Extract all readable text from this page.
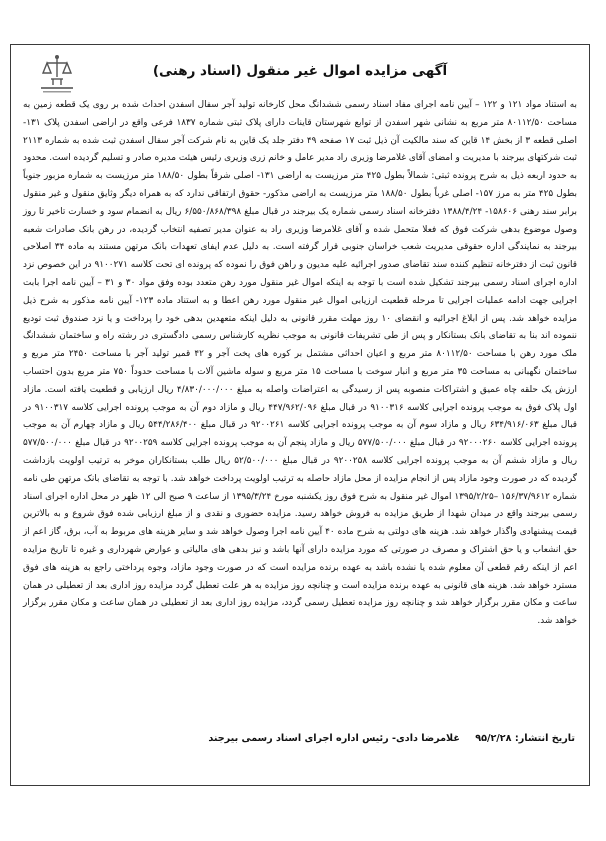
آگهی مزایده اموال غیر منقول (اسناد رهنی)
به استناد مواد ۱۲۱ و ۱۲۲ – آیین نامه اجرای مفاد اسناد رسمی ششدانگ محل کارخانه تولید آجر سفال اسفدن احداث شده بر روی یک قطعه زمین به مساحت ۸۰۱۱۲/۵۰ متر مربع به نشانی شهر اسفدن از توابع شهرستان قاینات دارای پلاک ثبتی شماره ۱۸۳۷ فرعی واقع در اراضی اسفدن پلاک ۱۳۱- اصلی قطعه ۳ از بخش ۱۴ قاین که سند مالکیت آن ذیل ثبت ۱۷ صفحه ۴۹ دفتر جلد یک قاین به نام شرکت آجر سفال اسفدن ثبت شده به شماره ۲۱۱۳ ثبت شرکتهای بیرجند با مدیریت و امضای آقای غلامرضا وزیری راد مدیر عامل و خانم زری وزیری رئیس هیئت مدیره صادر و تسلیم گردیده است. محدود به حدود اربعه ذیل به شرح پرونده ثبتی: شمالاً بطول ۴۲۵ متر مرزیست به اراضی ۱۳۱- اصلی شرقاً بطول ۱۸۸/۵۰ متر مرزیست به شماره مزبور جنوباً بطول ۴۲۵ متر به مرز ۱۵۷- اصلی غرباً بطول ۱۸۸/۵۰ متر مرزیست به اراضی مذکور- حقوق ارتفاقی ندارد که به همراه دیگر وثایق منقول و غیر منقول برابر سند رهنی ۱۵۸۶۰۶- ۱۳۸۸/۴/۲۴ دفترخانه اسناد رسمی شماره یک بیرجند در قبال مبلغ ۶/۵۵۰/۸۶۸/۳۹۸ ریال به انضمام سود و خسارت تاخیر تا روز وصول موضوع بدهی شرکت فوق که فعلا متحمل شده و آقای غلامرضا وزیری راد به عنوان مدیر تصفیه انتخاب گردیده، در رهن بانک صادرات شعبه بیرجند به نمایندگی اداره حقوقی مدیریت شعب خراسان جنوبی قرار گرفته است. به دلیل عدم ایفای تعهدات بانک مرتهن مستند به ماده ۳۴ اصلاحی قانون ثبت از دفترخانه تنظیم کننده سند تقاضای صدور اجرائیه علیه مدیون و راهن فوق را نموده که پرونده ای تحت کلاسه ۹۱۰۰۲۷۱ در این خصوص نزد اداره اجرای اسناد رسمی بیرجند تشکیل شده است با توجه به اینکه اموال غیر منقول مورد رهن متعدد بوده وفق مواد ۳۰ و ۳۱ – آیین نامه اجرا بابت اجرایی جهت ادامه عملیات اجرایی تا مرحله قطعیت ارزیابی اموال غیر منقول مورد رهن اعطا و به استناد ماده ۱۲۳- آیین نامه مذکور به شرح ذیل مزایده خواهد شد. پس از ابلاغ اجرائیه و انقضای ۱۰ روز مهلت مقرر قانونی به دلیل اینکه متعهدین بدهی خود را پرداخت و یا نزد صندوق ثبت تودیع ننموده اند بنا به تقاضای بانک بستانکار و پس از طی تشریفات قانونی به موجب نظریه کارشناس رسمی دادگستری در رشته راه و ساختمان ششدانگ ملک مورد رهن با مساحت ۸۰۱۱۲/۵۰ متر مربع و اعیان احداثی مشتمل بر کوره های پخت آجر و ۴۲ قمیر تولید آجر با مساحت ۲۴۵۰ متر مربع و ساختمان نگهبانی به مساحت ۳۵ متر مربع و انبار سوخت با مساحت ۱۵ متر مربع و سوله ماشین آلات با مساحت حدوداً ۷۵۰ متر مربع بدون احتساب ارزش یک حلقه چاه عمیق و اشتراکات منصوبه پس از رسیدگی به اعتراضات واصله به مبلغ ۴/۸۳۰/۰۰۰/۰۰۰ ریال ارزیابی و قطعیت یافته است. مازاد اول پلاک فوق به موجب پرونده اجرایی کلاسه ۹۱۰۰۳۱۶ در قبال مبلغ ۴۴۷/۹۶۲/۰۹۶ ریال و مازاد دوم آن به موجب پرونده اجرایی کلاسه ۹۱۰۰۳۱۷ در قبال مبلغ ۶۳۴/۹۱۶/۰۶۳ ریال و مازاد سوم آن به موجب پرونده اجرایی کلاسه ۹۲۰۰۲۶۱ در قبال مبلغ ۵۴۴/۲۸۶/۴۰۰ ریال و مازاد چهارم آن به موجب پرونده اجرایی کلاسه ۹۲۰۰۰۲۶۰ در قبال مبلغ ۵۷۷/۵۰۰/۰۰۰ ریال و مازاد پنجم آن به موجب پرونده اجرایی کلاسه ۹۲۰۰۲۵۹ در قبال مبلغ ۵۷۷/۵۰۰/۰۰۰ ریال و مازاد ششم آن به موجب پرونده اجرایی کلاسه ۹۲۰۰۲۵۸ در قبال مبلغ ۵۲/۵۰۰/۰۰۰ ریال طلب بستانکاران موخر به ترتیب اولویت بازداشت گردیده که در صورت وجود مازاد پس از انجام مزایده از محل مازاد حاصله به ترتیب اولویت پرداخت خواهد شد. با توجه به تقاضای بانک مرتهن طی نامه شماره ۱۵۶/۳۷/۹۶۱۲ –۱۳۹۵/۲/۲۵ اموال غیر منقول به شرح فوق روز یکشنبه مورخ ۱۳۹۵/۳/۲۴ از ساعت ۹ صبح الی ۱۲ ظهر در محل اداره اجرای اسناد رسمی بیرجند واقع در میدان شهدا از طریق مزایده به فروش خواهد رسید. مزایده حضوری و نقدی و از مبلغ ارزیابی شده فوق شروع و به بالاترین قیمت پیشنهادی واگذار خواهد شد. هزینه های دولتی به شرح ماده ۴۰ آیین نامه اجرا وصول خواهد شد و سایر هزینه های مربوط به آب، برق، گاز اعم از حق انشعاب و یا حق اشتراک و مصرف در صورتی که مورد مزایده دارای آنها باشد و نیز بدهی های مالیاتی و عوارض شهرداری و غیره تا تاریخ مزایده اعم از اینکه رقم قطعی آن معلوم شده یا نشده باشد به عهده برنده مزایده است که در صورت وجود مازاد، وجوه پرداختی راجع به هزینه های فوق مسترد خواهد شد. هزینه های قانونی به عهده برنده مزایده است و چنانچه روز مزایده به هر علت تعطیل گردد مزایده روز اداری بعد از تعطیلی در همان ساعت و مکان مقرر برگزار خواهد شد و چنانچه روز مزایده تعطیل رسمی گردد، مزایده روز اداری بعد از تعطیلی در همان ساعت و مکان مقرر برگزار خواهد شد.
تاریخ انتشار: ۹۵/۲/۲۸ غلامرضا دادی- رئیس اداره اجرای اسناد رسمی بیرجند
